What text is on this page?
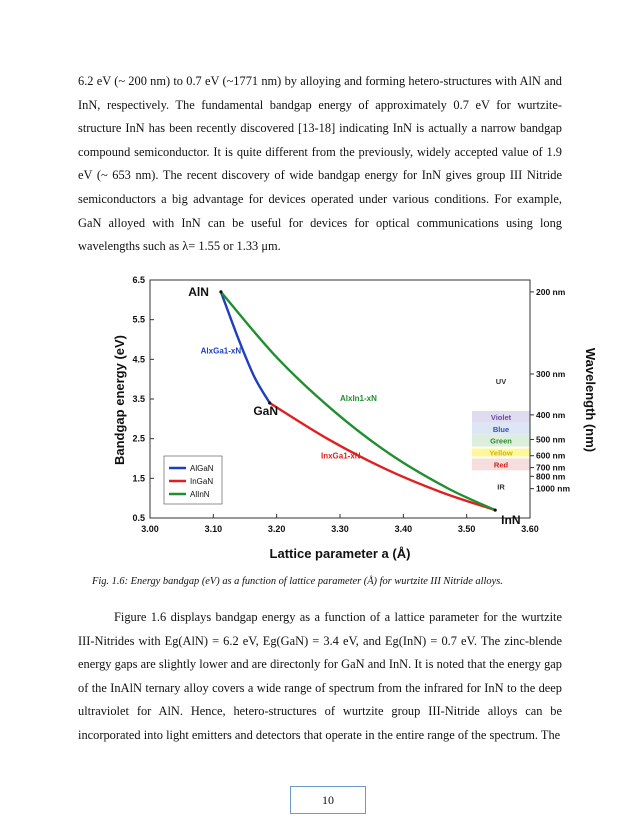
6.2 eV (~ 200 nm) to 0.7 eV (~1771 nm) by alloying and forming hetero-structures with AlN and InN, respectively. The fundamental bandgap energy of approximately 0.7 eV for wurtzite-structure InN has been recently discovered [13-18] indicating InN is actually a narrow bandgap compound semiconductor. It is quite different from the previously, widely accepted value of 1.9 eV (~ 653 nm). The recent discovery of wide bandgap energy for InN gives group III Nitride semiconductors a big advantage for devices operated under various conditions. For example, GaN alloyed with InN can be useful for devices for optical communications using long wavelengths such as λ= 1.55 or 1.33 μm.

UV
Violet
Blue
Green
Yellow
Red
IR
3.00	3.10	3.20	3.30	3.40	3.50	3.60
0.5
1.5
2.5
3.5
4.5
5.5
6.5
200 nm
300 nm
400 nm
500 nm
600 nm
700 nm
800 nm
1000 nm
AlN
GaN
InN
AlxGa1-xN
InxGa1-xN
AlxIn1-xN
AlGaN
InGaN
AlInN
Lattice parameter a (Å)
Bandgap energy (eV)	Wavelength (nm)

Fig. 1.6: Energy bandgap (eV) as a function of lattice parameter (Å) for wurtzite III Nitride alloys.

Figure 1.6 displays bandgap energy as a function of a lattice parameter for the wurtzite III-Nitrides with Eg(AlN) = 6.2 eV, Eg(GaN) = 3.4 eV, and Eg(InN) = 0.7 eV. The zinc-blende energy gaps are slightly lower and are directonly for GaN and InN. It is noted that the energy gap of the InAlN ternary alloy covers a wide range of spectrum from the infrared for InN to the deep ultraviolet for AlN. Hence, hetero-structures of wurtzite group III-Nitride alloys can be incorporated into light emitters and detectors that operate in the entire range of the spectrum. The

10
